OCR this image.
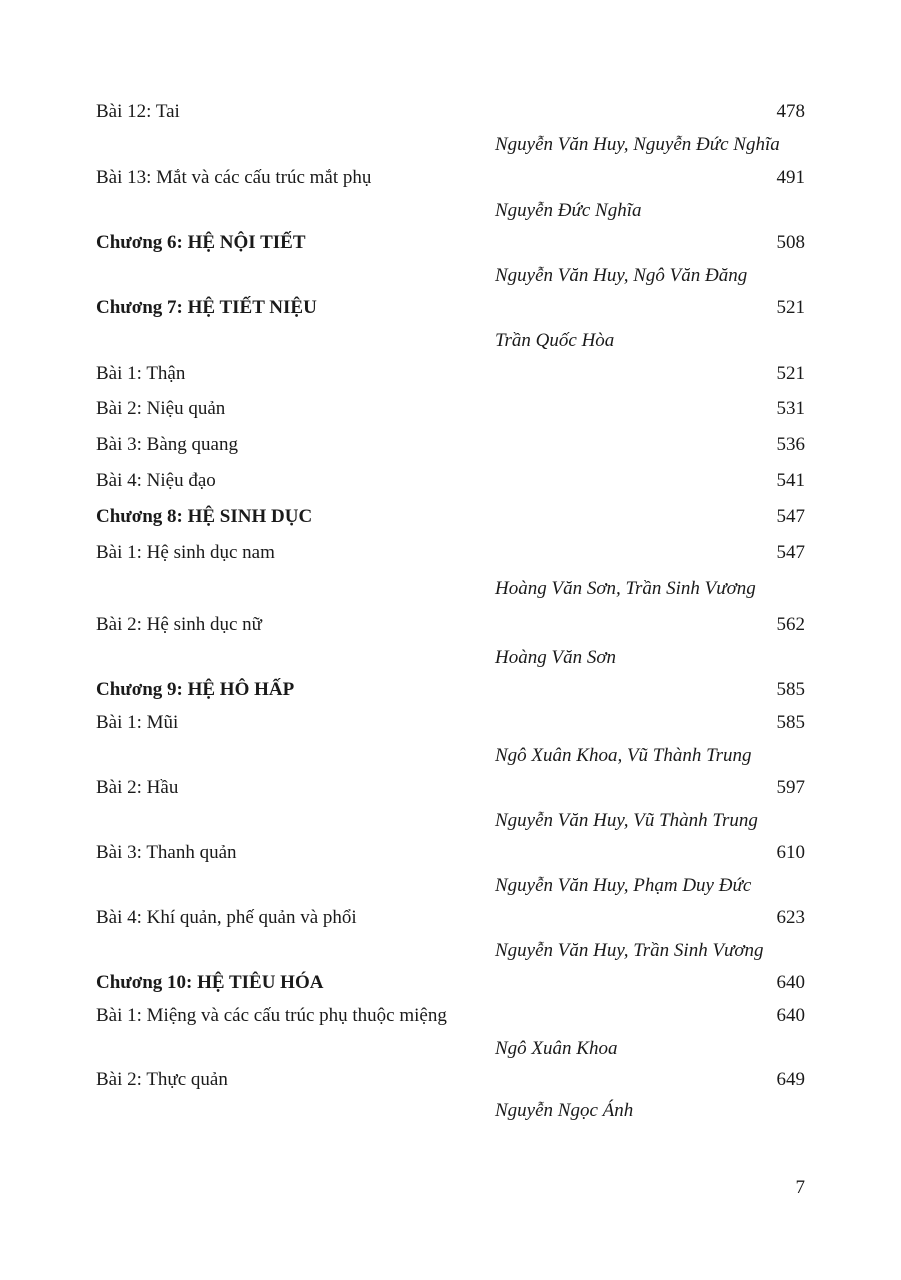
Bài 12: Tai	478
Nguyễn Văn Huy, Nguyễn Đức Nghĩa
Bài 13: Mắt và các cấu trúc mắt phụ	491
Nguyễn Đức Nghĩa
Chương 6: HỆ NỘI TIẾT	508
Nguyễn Văn Huy, Ngô Văn Đăng
Chương 7: HỆ TIẾT NIỆU	521
Trần Quốc Hòa
Bài 1: Thận	521
Bài 2: Niệu quản	531
Bài 3: Bàng quang	536
Bài 4: Niệu đạo	541
Chương 8: HỆ SINH DỤC	547
Bài 1: Hệ sinh dục nam	547
Hoàng Văn Sơn, Trần Sinh Vương
Bài 2: Hệ sinh dục nữ	562
Hoàng Văn Sơn
Chương 9: HỆ HÔ HẤP	585
Bài 1: Mũi	585
Ngô Xuân Khoa, Vũ Thành Trung
Bài 2: Hầu	597
Nguyễn Văn Huy, Vũ Thành Trung
Bài 3: Thanh quản	610
Nguyễn Văn Huy, Phạm Duy Đức
Bài 4: Khí quản, phế quản và phổi	623
Nguyễn Văn Huy, Trần Sinh Vương
Chương 10: HỆ TIÊU HÓA	640
Bài 1: Miệng và các cấu trúc phụ thuộc miệng	640
Ngô Xuân Khoa
Bài 2: Thực quản	649
Nguyễn Ngọc Ánh
7
